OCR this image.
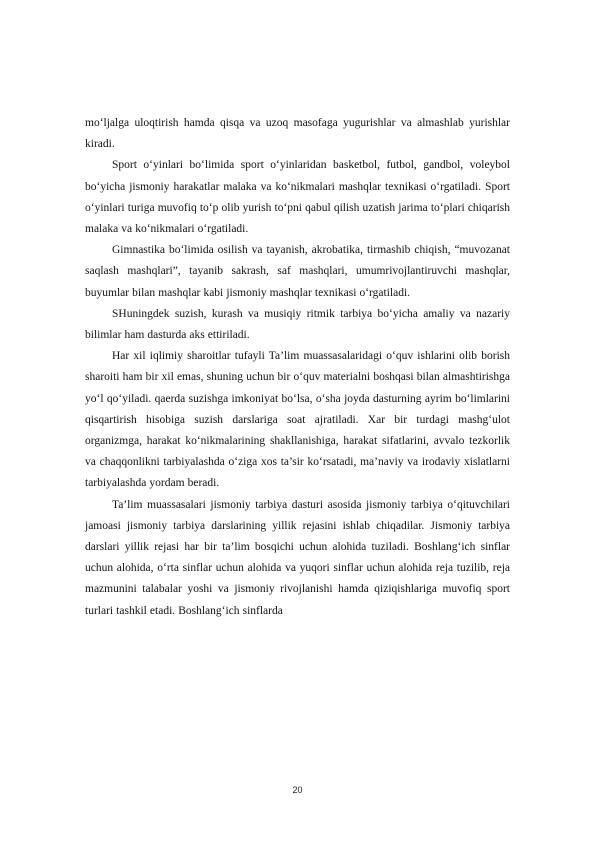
mo‘ljalga uloqtirish hamda qisqa va uzoq masofaga yugurishlar va almashlab yurishlar kiradi.

Sport o‘yinlari bo‘limida sport o‘yinlaridan basketbol, futbol, gandbol, voleybol bo‘yicha jismoniy harakatlar malaka va ko‘nikmalari mashqlar texnikasi o‘rgatiladi. Sport o‘yinlari turiga muvofiq to‘p olib yurish to‘pni qabul qilish uzatish jarima to‘plari chiqarish malaka va ko‘nikmalari o‘rgatiladi.

Gimnastika bo‘limida osilish va tayanish, akrobatika, tirmashib chiqish, “muvozanat saqlash mashqlari”, tayanib sakrash, saf mashqlari, umumrivojlantiruvchi mashqlar, buyumlar bilan mashqlar kabi jismoniy mashqlar texnikasi o‘rgatiladi.

SHuningdek suzish, kurash va musiqiy ritmik tarbiya bo‘yicha amaliy va nazariy bilimlar ham dasturda aks ettiriladi.

Har xil iqlimiy sharoitlar tufayli Ta’lim muassasalaridagi o‘quv ishlarini olib borish sharoiti ham bir xil emas, shuning uchun bir o‘quv materialni boshqasi bilan almashtirishga yo‘l qo‘yiladi. qaerda suzishga imkoniyat bo‘lsa, o‘sha joyda dasturning ayrim bo‘limlarini qisqartirish hisobiga suzish darslariga soat ajratiladi. Xar bir turdagi mashg‘ulot organizmga, harakat ko‘nikmalarining shakllanishiga, harakat sifatlarini, avvalo tezkorlik va chaqqonlikni tarbiyalashda o‘ziga xos ta’sir ko‘rsatadi, ma’naviy va irodaviy xislatlarni tarbiyalashda yordam beradi.

Ta’lim muassasalari jismoniy tarbiya dasturi asosida jismoniy tarbiya o‘qituvchilari jamoasi jismoniy tarbiya darslarining yillik rejasini ishlab chiqadilar. Jismoniy tarbiya darslari yillik rejasi har bir ta’lim bosqichi uchun alohida tuziladi. Boshlang‘ich sinflar uchun alohida, o‘rta sinflar uchun alohida va yuqori sinflar uchun alohida reja tuzilib, reja mazmunini talabalar yoshi va jismoniy rivojlanishi hamda qiziqishlariga muvofiq sport turlari tashkil etadi. Boshlang‘ich sinflarda

20
